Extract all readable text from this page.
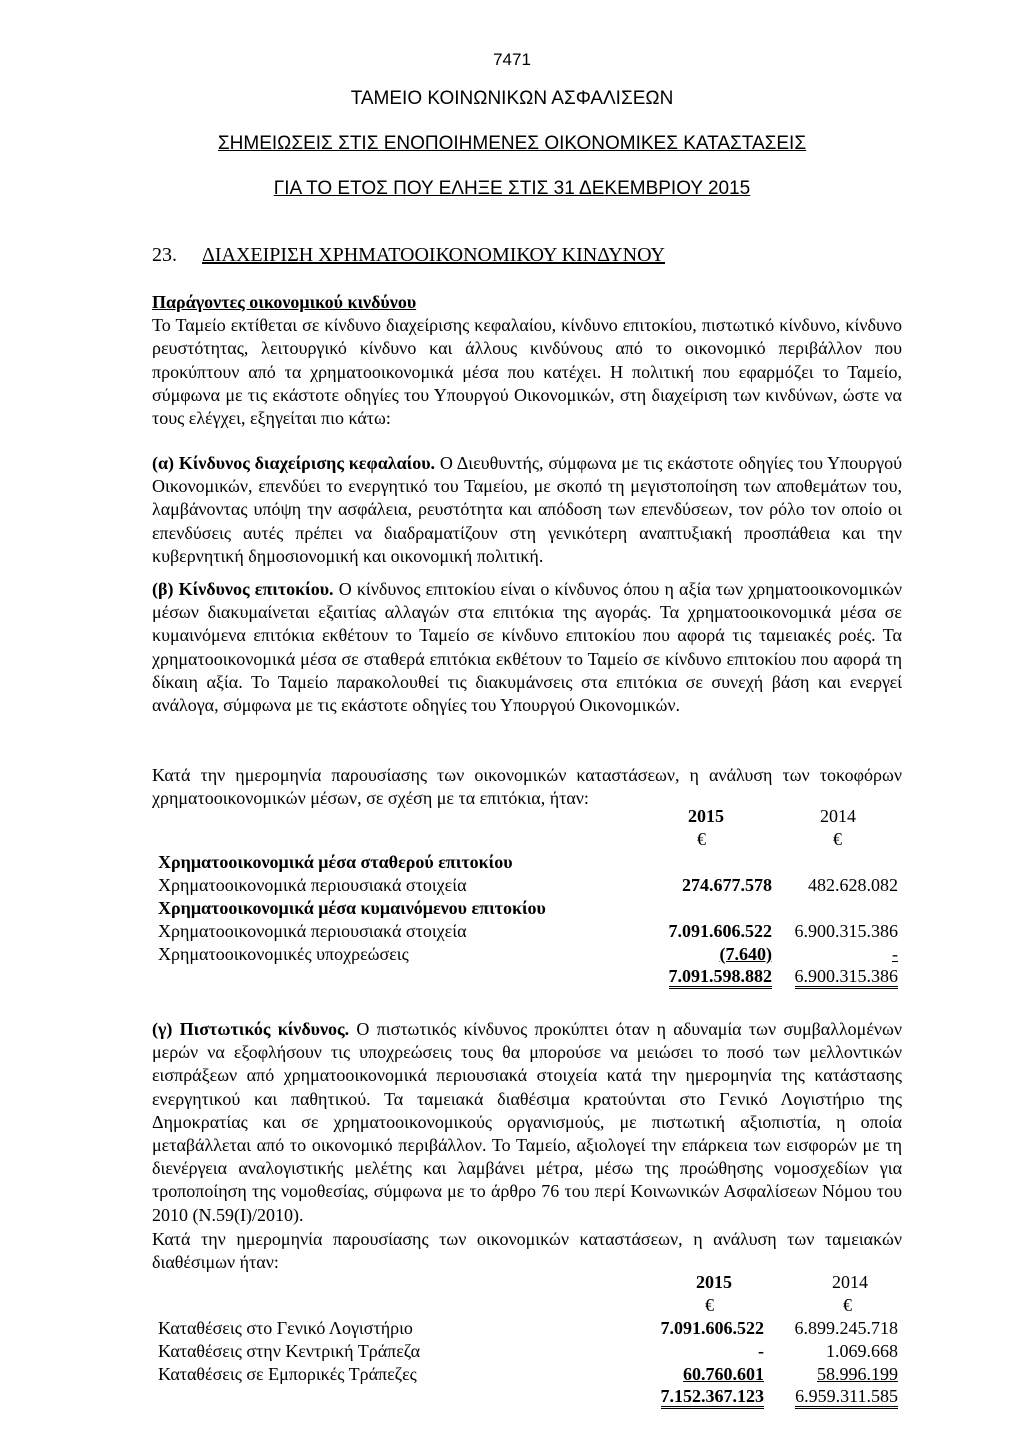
7471
ΤΑΜΕΙΟ ΚΟΙΝΩΝΙΚΩΝ ΑΣΦΑΛΙΣΕΩΝ
ΣΗΜΕΙΩΣΕΙΣ ΣΤΙΣ ΕΝΟΠΟΙΗΜΕΝΕΣ ΟΙΚΟΝΟΜΙΚΕΣ ΚΑΤΑΣΤΑΣΕΙΣ
ΓΙΑ ΤΟ ΕΤΟΣ ΠΟΥ ΕΛΗΞΕ ΣΤΙΣ 31 ΔΕΚΕΜΒΡΙΟΥ 2015
23. ΔΙΑΧΕΙΡΙΣΗ ΧΡΗΜΑΤΟΟΙΚΟΝΟΜΙΚΟΥ ΚΙΝΔΥΝΟΥ
Παράγοντες οικονομικού κινδύνου
Το Ταμείο εκτίθεται σε κίνδυνο διαχείρισης κεφαλαίου, κίνδυνο επιτοκίου, πιστωτικό κίνδυνο, κίνδυνο ρευστότητας, λειτουργικό κίνδυνο και άλλους κινδύνους από το οικονομικό περιβάλλον που προκύπτουν από τα χρηματοοικονομικά μέσα που κατέχει. Η πολιτική που εφαρμόζει το Ταμείο, σύμφωνα με τις εκάστοτε οδηγίες του Υπουργού Οικονομικών, στη διαχείριση των κινδύνων, ώστε να τους ελέγχει, εξηγείται πιο κάτω:
(α) Κίνδυνος διαχείρισης κεφαλαίου. Ο Διευθυντής, σύμφωνα με τις εκάστοτε οδηγίες του Υπουργού Οικονομικών, επενδύει το ενεργητικό του Ταμείου, με σκοπό τη μεγιστοποίηση των αποθεμάτων του, λαμβάνοντας υπόψη την ασφάλεια, ρευστότητα και απόδοση των επενδύσεων, τον ρόλο τον οποίο οι επενδύσεις αυτές πρέπει να διαδραματίζουν στη γενικότερη αναπτυξιακή προσπάθεια και την κυβερνητική δημοσιονομική και οικονομική πολιτική.
(β) Κίνδυνος επιτοκίου. Ο κίνδυνος επιτοκίου είναι ο κίνδυνος όπου η αξία των χρηματοοικονομικών μέσων διακυμαίνεται εξαιτίας αλλαγών στα επιτόκια της αγοράς. Τα χρηματοοικονομικά μέσα σε κυμαινόμενα επιτόκια εκθέτουν το Ταμείο σε κίνδυνο επιτοκίου που αφορά τις ταμειακές ροές. Τα χρηματοοικονομικά μέσα σε σταθερά επιτόκια εκθέτουν το Ταμείο σε κίνδυνο επιτοκίου που αφορά τη δίκαιη αξία. Το Ταμείο παρακολουθεί τις διακυμάνσεις στα επιτόκια σε συνεχή βάση και ενεργεί ανάλογα, σύμφωνα με τις εκάστοτε οδηγίες του Υπουργού Οικονομικών.
Κατά την ημερομηνία παρουσίασης των οικονομικών καταστάσεων, η ανάλυση των τοκοφόρων χρηματοοικονομικών μέσων, σε σχέση με τα επιτόκια, ήταν:
2015	2014
€	€
Χρηματοοικονομικά μέσα σταθερού επιτοκίου
Χρηματοοικονομικά περιουσιακά στοιχεία	274.677.578 482.628.082
Χρηματοοικονομικά μέσα κυμαινόμενου επιτοκίου
Χρηματοοικονομικά περιουσιακά στοιχεία	7.091.606.522 6.900.315.386
Χρηματοοικονομικές υποχρεώσεις	(7.640)	-
7.091.598.882 6.900.315.386
(γ) Πιστωτικός κίνδυνος. Ο πιστωτικός κίνδυνος προκύπτει όταν η αδυναμία των συμβαλλομένων μερών να εξοφλήσουν τις υποχρεώσεις τους θα μπορούσε να μειώσει το ποσό των μελλοντικών εισπράξεων από χρηματοοικονομικά περιουσιακά στοιχεία κατά την ημερομηνία της κατάστασης ενεργητικού και παθητικού. Τα ταμειακά διαθέσιμα κρατούνται στο Γενικό Λογιστήριο της Δημοκρατίας και σε χρηματοοικονομικούς οργανισμούς, με πιστωτική αξιοπιστία, η οποία μεταβάλλεται από το οικονομικό περιβάλλον. Το Ταμείο, αξιολογεί την επάρκεια των εισφορών με τη διενέργεια αναλογιστικής μελέτης και λαμβάνει μέτρα, μέσω της προώθησης νομοσχεδίων για τροποποίηση της νομοθεσίας, σύμφωνα με το άρθρο 76 του περί Κοινωνικών Ασφαλίσεων Νόμου του 2010 (Ν.59(Ι)/2010).
Κατά την ημερομηνία παρουσίασης των οικονομικών καταστάσεων, η ανάλυση των ταμειακών διαθέσιμων ήταν:
2015	2014
€	€
Καταθέσεις στο Γενικό Λογιστήριο	7.091.606.522 6.899.245.718
Καταθέσεις στην Κεντρική Τράπεζα	-	1.069.668
Καταθέσεις σε Εμπορικές Τράπεζες	60.760.601	58.996.199
7.152.367.123 6.959.311.585
